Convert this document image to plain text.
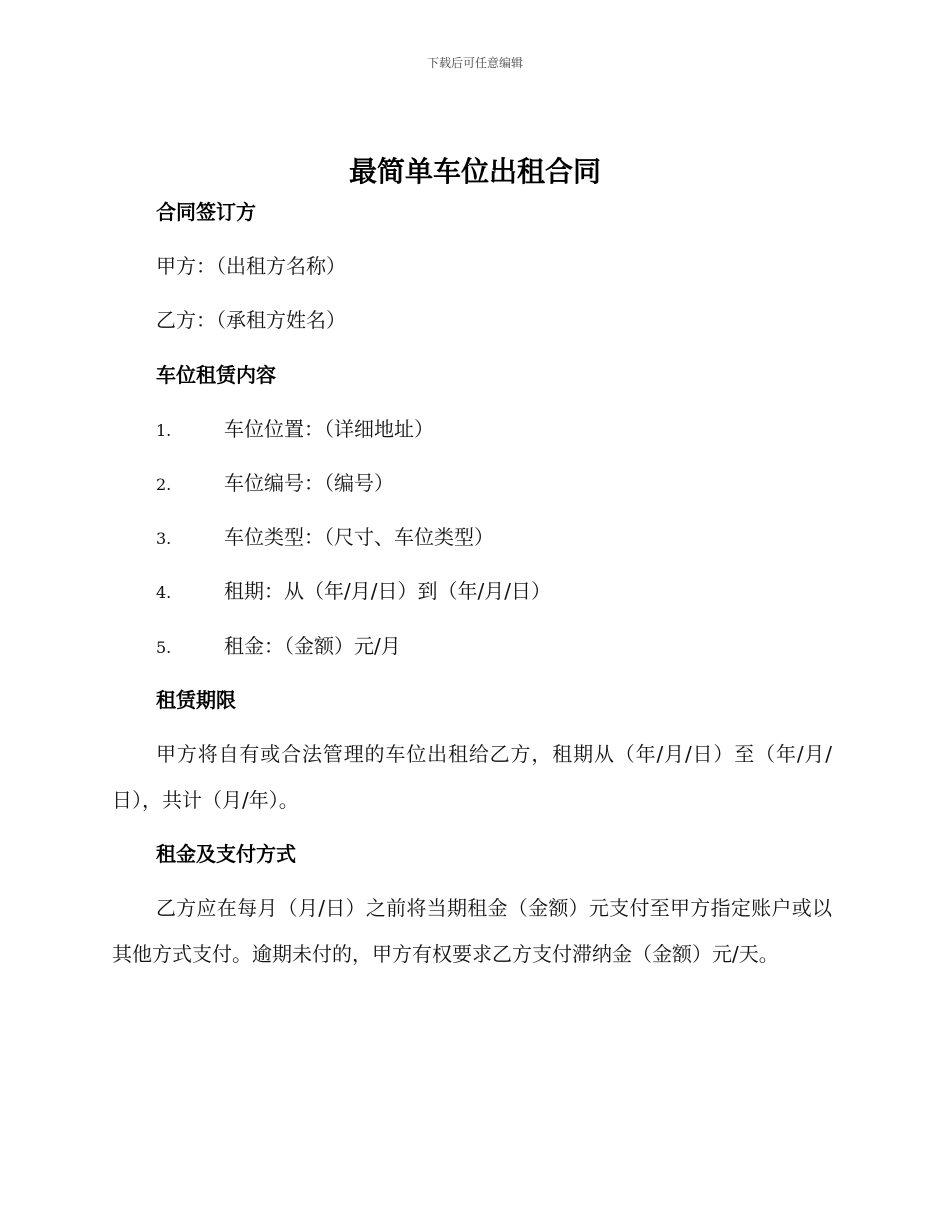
下载后可任意编辑
最简单车位出租合同
合同签订方
甲方：（出租方名称）
乙方：（承租方姓名）
车位租赁内容
1.	车位位置：（详细地址）
2.	车位编号：（编号）
3.	车位类型：（尺寸、车位类型）
4.	租期：从（年/月/日）到（年/月/日）
5.	租金：（金额）元/月
租赁期限
甲方将自有或合法管理的车位出租给乙方，租期从（年/月/日）至（年/月/日），共计（月/年）。
租金及支付方式
乙方应在每月（月/日）之前将当期租金（金额）元支付至甲方指定账户或以其他方式支付。逾期未付的，甲方有权要求乙方支付滞纳金（金额）元/天。
